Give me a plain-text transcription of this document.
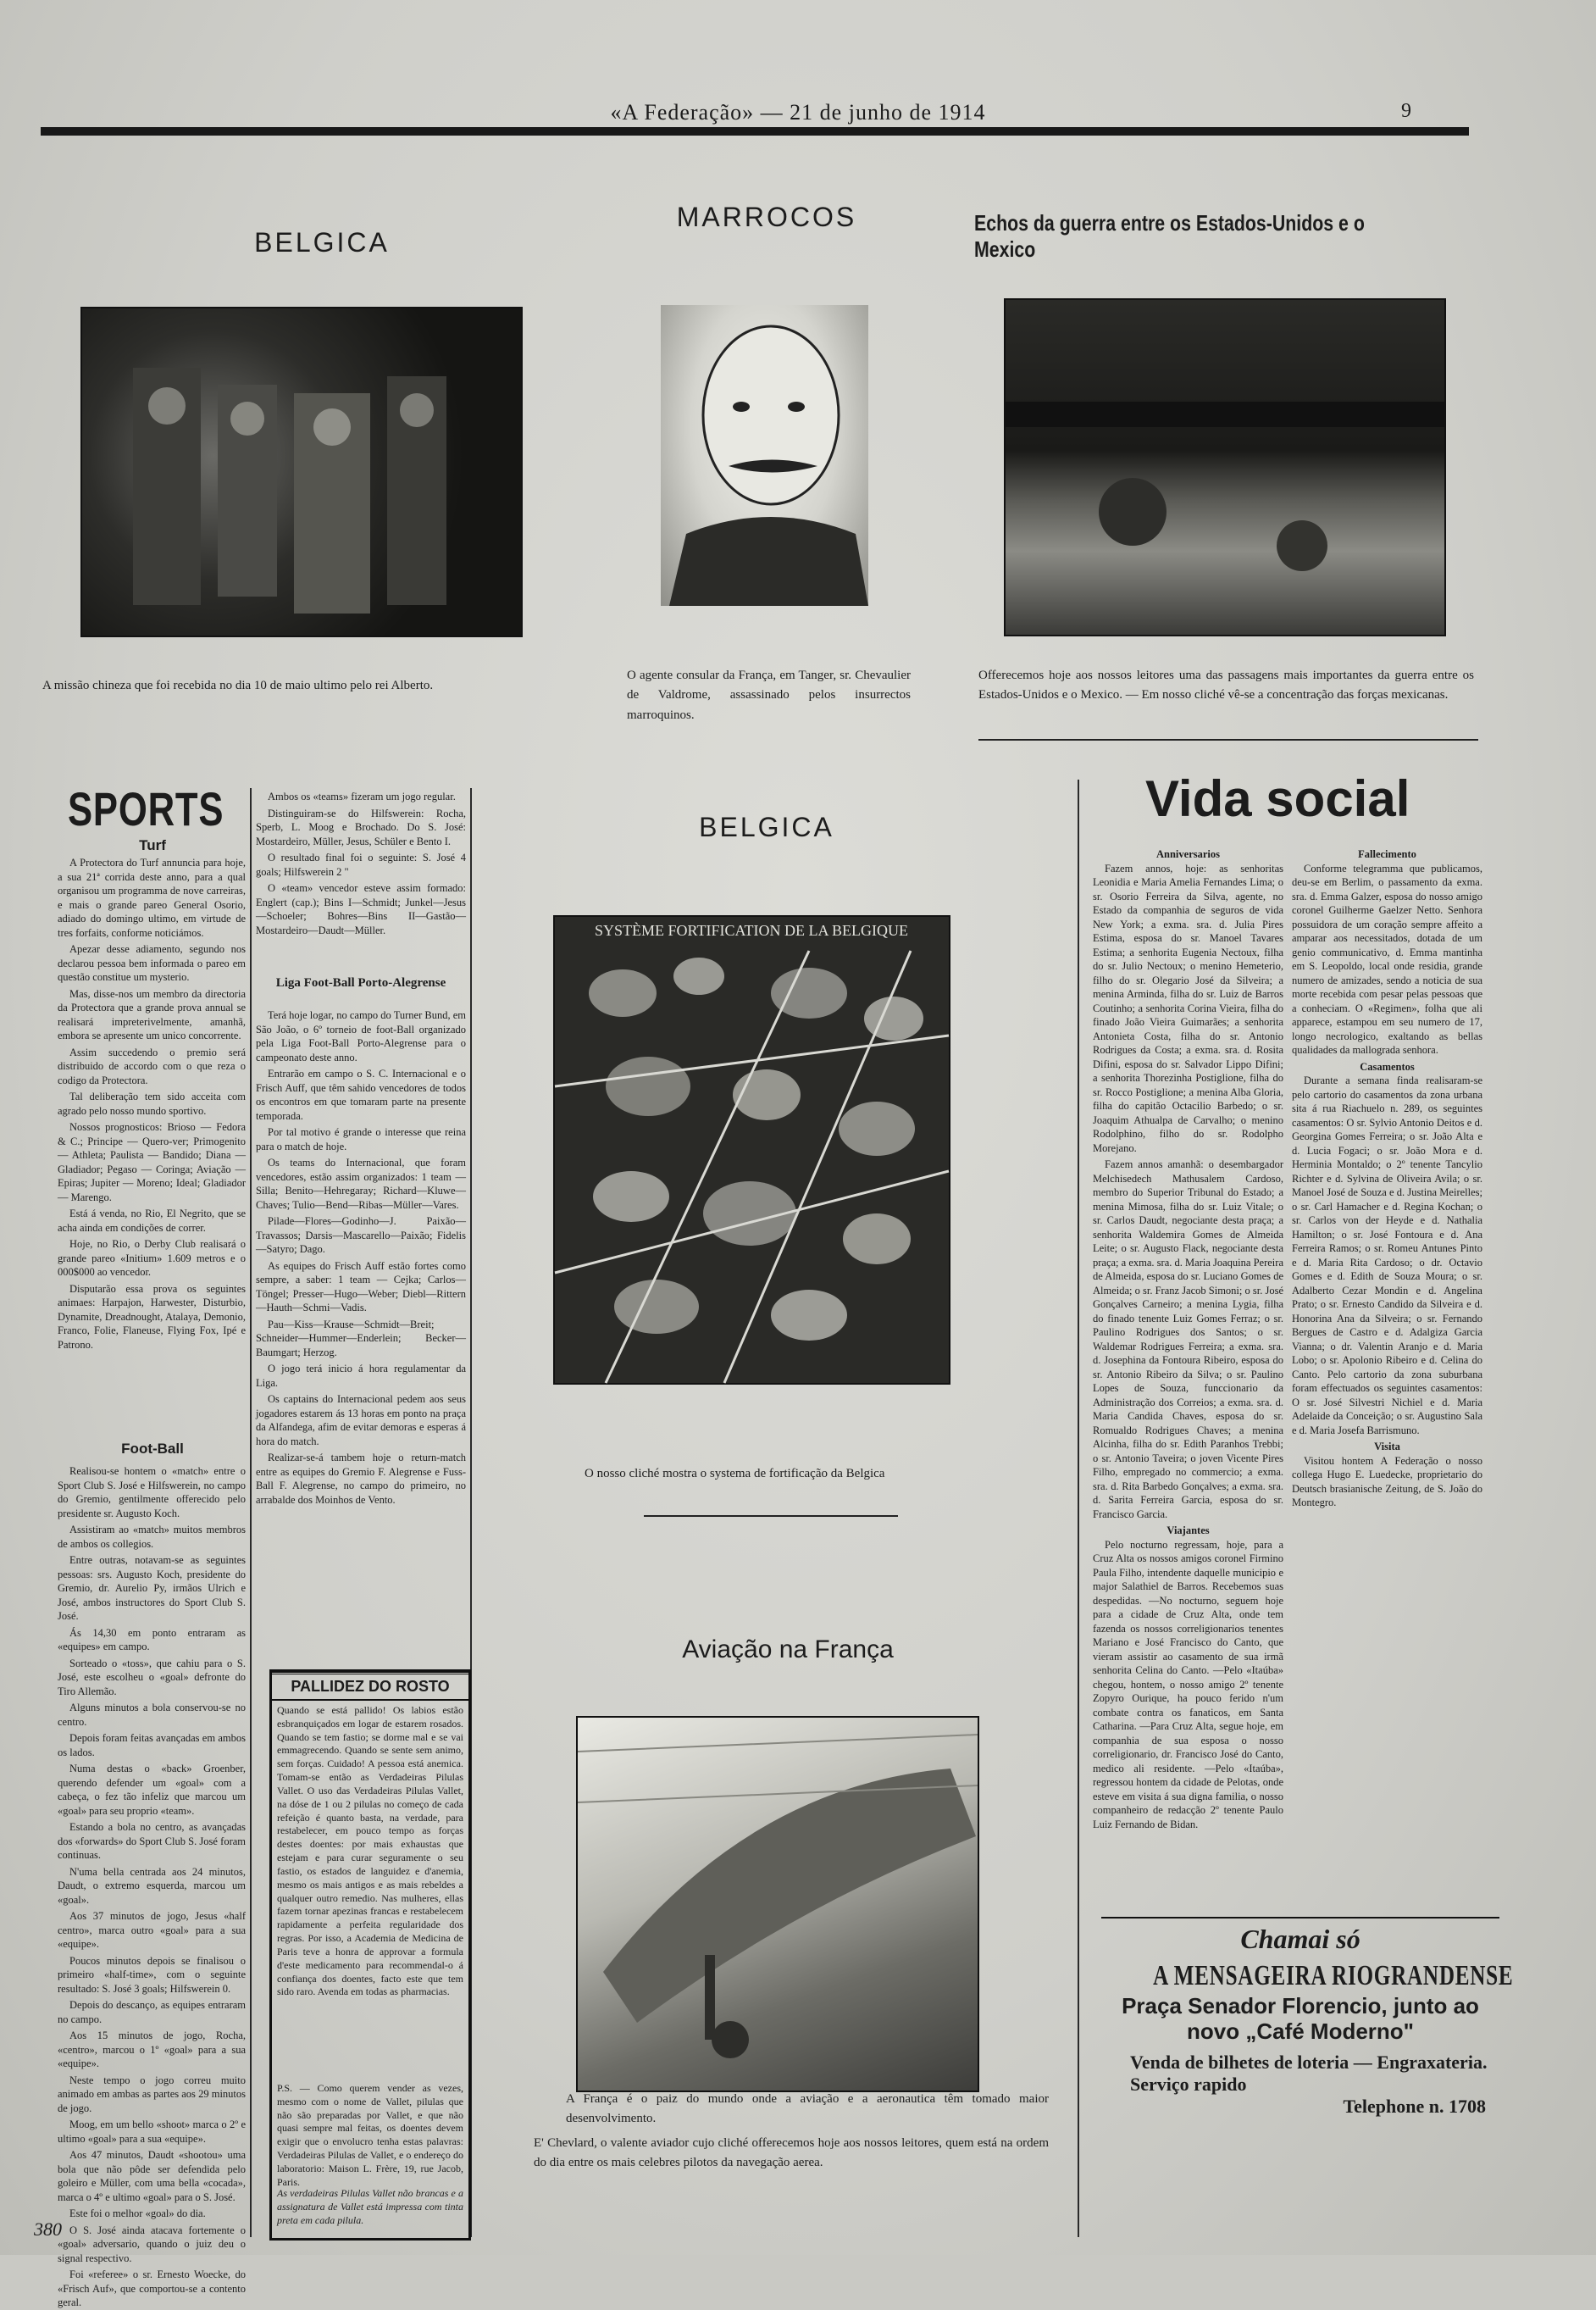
«A Federação» — 21 de junho de 1914	9
BELGICA
A missão chineza que foi recebida no dia 10 de maio ultimo pelo rei Alberto.
MARROCOS
O agente consular da França, em Tanger, sr. Chevaulier de Valdrome, assassinado pelos insurrectos marroquinos.
Echos da guerra entre os Estados-Unidos e o Mexico
Offerecemos hoje aos nossos leitores uma das passagens mais importantes da guerra entre os Estados-Unidos e o Mexico. — Em nosso cliché vê-se a concentração das forças mexicanas.
SPORTS
Turf

A Protectora do Turf annuncia para hoje, a sua 21ª corrida deste anno, para a qual organisou um programma de nove carreiras, e mais o grande pareo General Osorio, adiado do domingo ultimo, em virtude de tres forfaits, conforme noticiámos.

Apezar desse adiamento, segundo nos declarou pessoa bem informada o pareo em questão constitue um mysterio.

Mas, disse-nos um membro da directoria da Protectora que a grande prova annual se realisará impreterivelmente, amanhã, embora se apresente um unico concorrente.

Assim succedendo o premio será distribuido de accordo com o que reza o codigo da Protectora.

Tal deliberação tem sido acceita com agrado pelo nosso mundo sportivo.

Nossos prognosticos: Brioso — Fedora & C.; Principe — Quero-ver; Primogenito — Athleta; Paulista — Bandido; Diana — Gladiador; Pegaso — Coringa; Aviação — Epiras; Jupiter — Moreno; Ideal; Gladiador — Marengo.

Está á venda, no Rio, El Negrito, que se acha ainda em condições de correr.

Hoje, no Rio, o Derby Club realisará o grande pareo «Initium» 1.609 metros e o 000$000 ao vencedor.

Disputarão essa prova os seguintes animaes: Harpajon, Harwester, Disturbio, Dynamite, Dreadnought, Atalaya, Demonio, Franco, Folie, Flaneuse, Flying Fox, Ipé e Patrono.

Foot-Ball

Realisou-se hontem o «match» entre o Sport Club S. José e Hilfswerein, no campo do Gremio, gentilmente offerecido pelo presidente sr. Augusto Koch.

Assistiram ao «match» muitos membros de ambos os collegios.

Entre outras, notavam-se as seguintes pessoas: srs. Augusto Koch, presidente do Gremio, dr. Aurelio Py, irmãos Ulrich e José, ambos instructores do Sport Club S. José.

Ás 14,30 em ponto entraram as «equipes» em campo.

Sorteado o «toss», que cahiu para o S. José, este escolheu o «goal» defronte do Tiro Allemão.

Alguns minutos a bola conservou-se no centro.

Depois foram feitas avançadas em ambos os lados.

Numa destas o «back» Groenber, querendo defender um «goal» com a cabeça, o fez tão infeliz que marcou um «goal» para seu proprio «team».

Estando a bola no centro, as avançadas dos «forwards» do Sport Club S. José foram continuas.

N'uma bella centrada aos 24 minutos, Daudt, o extremo esquerda, marcou um «goal».

Aos 37 minutos de jogo, Jesus «half centro», marca outro «goal» para a sua «equipe».

Poucos minutos depois se finalisou o primeiro «half-time», com o seguinte resultado: S. José 3 goals; Hilfswerein 0.

Depois do descanço, as equipes entraram no campo.

Aos 15 minutos de jogo, Rocha, «centro», marcou o 1º «goal» para a sua «equipe».

Neste tempo o jogo correu muito animado em ambas as partes aos 29 minutos de jogo.

Moog, em um bello «shoot» marca o 2º e ultimo «goal» para a sua «equipe».

Aos 47 minutos, Daudt «shootou» uma bola que não pôde ser defendida pelo goleiro e Müller, com uma bella «cocada», marca o 4º e ultimo «goal» para o S. José.

Este foi o melhor «goal» do dia.

O S. José ainda atacava fortemente o «goal» adversario, quando o juiz deu o signal respectivo.

Foi «referee» o sr. Ernesto Woecke, do «Frisch Auf», que comportou-se a contento geral.

Ambos os «teams» fizeram um jogo regular.

Distinguiram-se do Hilfswerein: Rocha, Sperb, L. Moog e Brochado. Do S. José: Mostardeiro, Müller, Jesus, Schüler e Bento I.

O resultado final foi o seguinte: S. José 4 goals; Hilfswerein 2 "

O «team» vencedor esteve assim formado: Englert (cap.); Bins I—Schmidt; Junkel—Jesus—Schoeler; Bohres—Bins II—Gastão—Mostardeiro—Daudt—Müller.

Liga Foot-Ball Porto-Alegrense

Terá hoje logar, no campo do Turner Bund, em São João, o 6º torneio de foot-Ball organizado pela Liga Foot-Ball Porto-Alegrense para o campeonato deste anno.

Entrarão em campo o S. C. Internacional e o Frisch Auff, que têm sahido vencedores de todos os encontros em que tomaram parte na presente temporada.

Por tal motivo é grande o interesse que reina para o match de hoje.

Os teams do Internacional, que foram vencedores, estão assim organizados: 1 team — Silla; Benito—Hehregaray; Richard—Kluwe—Chaves; Tulio—Bend—Ribas—Müller—Vares.

Pilade—Flores—Godinho—J. Paixão—Travassos; Darsis—Mascarello—Paixão; Fidelis—Satyro; Dago.

As equipes do Frisch Auff estão fortes como sempre, a saber: 1 team — Cejka; Carlos—Töngel; Presser—Hugo—Weber; Diebl—Rittern—Hauth—Schmi—Vadis.

Pau—Kiss—Krause—Schmidt—Breit; Schneider—Hummer—Enderlein; Becker—Baumgart; Herzog.

O jogo terá inicio á hora regulamentar da Liga.

Os captains do Internacional pedem aos seus jogadores estarem ás 13 horas em ponto na praça da Alfandega, afim de evitar demoras e esperas á hora do match.

Realizar-se-á tambem hoje o return-match entre as equipes do Gremio F. Alegrense e Fuss-Ball F. Alegrense, no campo do primeiro, no arrabalde dos Moinhos de Vento.

PALLIDEZ DO ROSTO
Quando se está pallido! Os labios estão esbranquiçados em logar de estarem rosados. Quando se tem fastio; se dorme mal e se vai emmagrecendo. Quando se sente sem animo, sem forças. Cuidado! A pessoa está anemica. Tomam-se então as Verdadeiras Pilulas Vallet. O uso das Verdadeiras Pilulas Vallet, na dóse de 1 ou 2 pilulas no começo de cada refeição é quanto basta, na verdade, para restabelecer, em pouco tempo as forças destes doentes: por mais exhaustas que estejam e para curar seguramente o seu fastio, os estados de languidez e d'anemia, mesmo os mais antigos e as mais rebeldes a qualquer outro remedio. Nas mulheres, ellas fazem tornar apezinas francas e restabelecem rapidamente a perfeita regularidade dos regras. Por isso, a Academia de Medicina de Paris teve a honra de approvar a formula d'este medicamento para recommendal-o á confiança dos doentes, facto este que tem sido raro. Avenda em todas as pharmacias.
P.S. — Como querem vender as vezes, mesmo com o nome de Vallet, pilulas que não são preparadas por Vallet, e que não quasi sempre mal feitas, os doentes devem exigir que o envolucro tenha estas palavras: Verdadeiras Pilulas de Vallet, e o endereço do laboratorio: Maison L. Frère, 19, rue Jacob, Paris.
As verdadeiras Pilulas Vallet não brancas e a assignatura de Vallet está impressa com tinta preta em cada pilula.
BELGICA
SYSTÈME FORTIFICATION DE LA BELGIQUE
O nosso cliché mostra o systema de fortificação da Belgica
Aviação na França
A França é o paiz do mundo onde a aviação e a aeronautica têm tomado maior desenvolvimento.
E' Chevlard, o valente aviador cujo cliché offerecemos hoje aos nossos leitores, quem está na ordem do dia entre os mais celebres pilotos da navegação aerea.
Vida social
Anniversarios

Fazem annos, hoje: as senhoritas Leonidia e Maria Amelia Fernandes Lima; o sr. Osorio Ferreira da Silva, agente, no Estado da companhia de seguros de vida New York; a exma. sra. d. Julia Pires Estima, esposa do sr. Manoel Tavares Estima; a senhorita Eugenia Nectoux, filha do sr. Julio Nectoux; o menino Hemeterio, filho do sr. Olegario José da Silveira; a menina Arminda, filha do sr. Luiz de Barros Coutinho; a senhorita Corina Vieira, filha do finado João Vieira Guimarães; a senhorita Antonieta Costa, filha do sr. Antonio Rodrigues da Costa; a exma. sra. d. Rosita Difini, esposa do sr. Salvador Lippo Difini; a senhorita Thorezinha Postiglione, filha do sr. Rocco Postiglione; a menina Alba Gloria, filha do capitão Octacilio Barbedo; o sr. Joaquim Athualpa de Carvalho; o menino Rodolphino, filho do sr. Rodolpho Morejano.

Fazem annos amanhã: o desembargador Melchisedech Mathusalem Cardoso, membro do Superior Tribunal do Estado; a menina Mimosa, filha do sr. Luiz Vitale; o sr. Carlos Daudt, negociante desta praça; a senhorita Waldemira Gomes de Almeida Leite; o sr. Augusto Flack, negociante desta praça; a exma. sra. d. Maria Joaquina Pereira de Almeida, esposa do sr. Luciano Gomes de Almeida; o sr. Franz Jacob Simoni; o sr. José Gonçalves Carneiro; a menina Lygia, filha do finado tenente Luiz Gomes Ferraz; o sr. Paulino Rodrigues dos Santos; o sr. Waldemar Rodrigues Ferreira; a exma. sra. d. Josephina da Fontoura Ribeiro, esposa do sr. Antonio Ribeiro da Silva; o sr. Paulino Lopes de Souza, funccionario da Administração dos Correios; a exma. sra. d. Maria Candida Chaves, esposa do sr. Romualdo Rodrigues Chaves; a menina Alcinha, filha do sr. Edith Paranhos Trebbi; o sr. Antonio Taveira; o joven Vicente Pires Filho, empregado no commercio; a exma. sra. d. Rita Barbedo Gonçalves; a exma. sra. d. Sarita Ferreira Garcia, esposa do sr. Francisco Garcia.

Viajantes

Pelo nocturno regressam, hoje, para a Cruz Alta os nossos amigos coronel Firmino Paula Filho, intendente daquelle municipio e major Salathiel de Barros. Recebemos suas despedidas. —No nocturno, seguem hoje para a cidade de Cruz Alta, onde tem fazenda os nossos correligionarios tenentes Mariano e José Francisco do Canto, que vieram assistir ao casamento de sua irmã senhorita Celina do Canto. —Pelo «Itaúba» chegou, hontem, o nosso amigo 2º tenente Zopyro Ourique, ha pouco ferido n'um combate contra os fanaticos, em Santa Catharina. —Para Cruz Alta, segue hoje, em companhia de sua esposa o nosso correligionario, dr. Francisco José do Canto, medico ali residente. —Pelo «Itaúba», regressou hontem da cidade de Pelotas, onde esteve em visita á sua digna familia, o nosso companheiro de redacção 2º tenente Paulo Luiz Fernando de Bidan.

Fallecimento

Conforme telegramma que publicamos, deu-se em Berlim, o passamento da exma. sra. d. Emma Galzer, esposa do nosso amigo coronel Guilherme Gaelzer Netto. Senhora possuidora de um coração sempre affeito a amparar aos necessitados, dotada de um genio communicativo, d. Emma mantinha em S. Leopoldo, local onde residia, grande numero de amizades, sendo a noticia de sua morte recebida com pesar pelas pessoas que a conheciam. O «Regimen», folha que ali apparece, estampou em seu numero de 17, longo necrologico, exaltando as bellas qualidades da mallograda senhora.

Casamentos

Durante a semana finda realisaram-se pelo cartorio do casamentos da zona urbana sita á rua Riachuelo n. 289, os seguintes casamentos: O sr. Sylvio Antonio Deitos e d. Georgina Gomes Ferreira; o sr. João Alta e d. Lucia Fogaci; o sr. João Mora e d. Herminia Montaldo; o 2º tenente Tancylio Richter e d. Sylvina de Oliveira Avila; o sr. Manoel José de Souza e d. Justina Meirelles; o sr. Carl Hamacher e d. Regina Kochan; o sr. Carlos von der Heyde e d. Nathalia Hamilton; o sr. José Fontoura e d. Ana Ferreira Ramos; o sr. Romeu Antunes Pinto e d. Maria Rita Cardoso; o dr. Octavio Gomes e d. Edith de Souza Moura; o sr. Adalberto Cezar Mondin e d. Angelina Prato; o sr. Ernesto Candido da Silveira e d. Honorina Ana da Silveira; o sr. Fernando Bergues de Castro e d. Adalgiza Garcia Vianna; o dr. Valentin Aranjo e d. Maria Lobo; o sr. Apolonio Ribeiro e d. Celina do Canto. Pelo cartorio da zona suburbana foram effectuados os seguintes casamentos: O sr. José Silvestri Nichiel e d. Maria Adelaide da Conceição; o sr. Augustino Sala e d. Maria Josefa Barrismuno.

Visita

Visitou hontem A Federação o nosso collega Hugo E. Luedecke, proprietario do Deutsch brasianische Zeitung, de S. João do Montegro.

Chamai só
A MENSAGEIRA RIOGRANDENSE
Praça Senador Florencio, junto ao novo „Café Moderno"
Venda de bilhetes de loteria — Engraxateria.
Serviço rapido
Telephone n. 1708
380
